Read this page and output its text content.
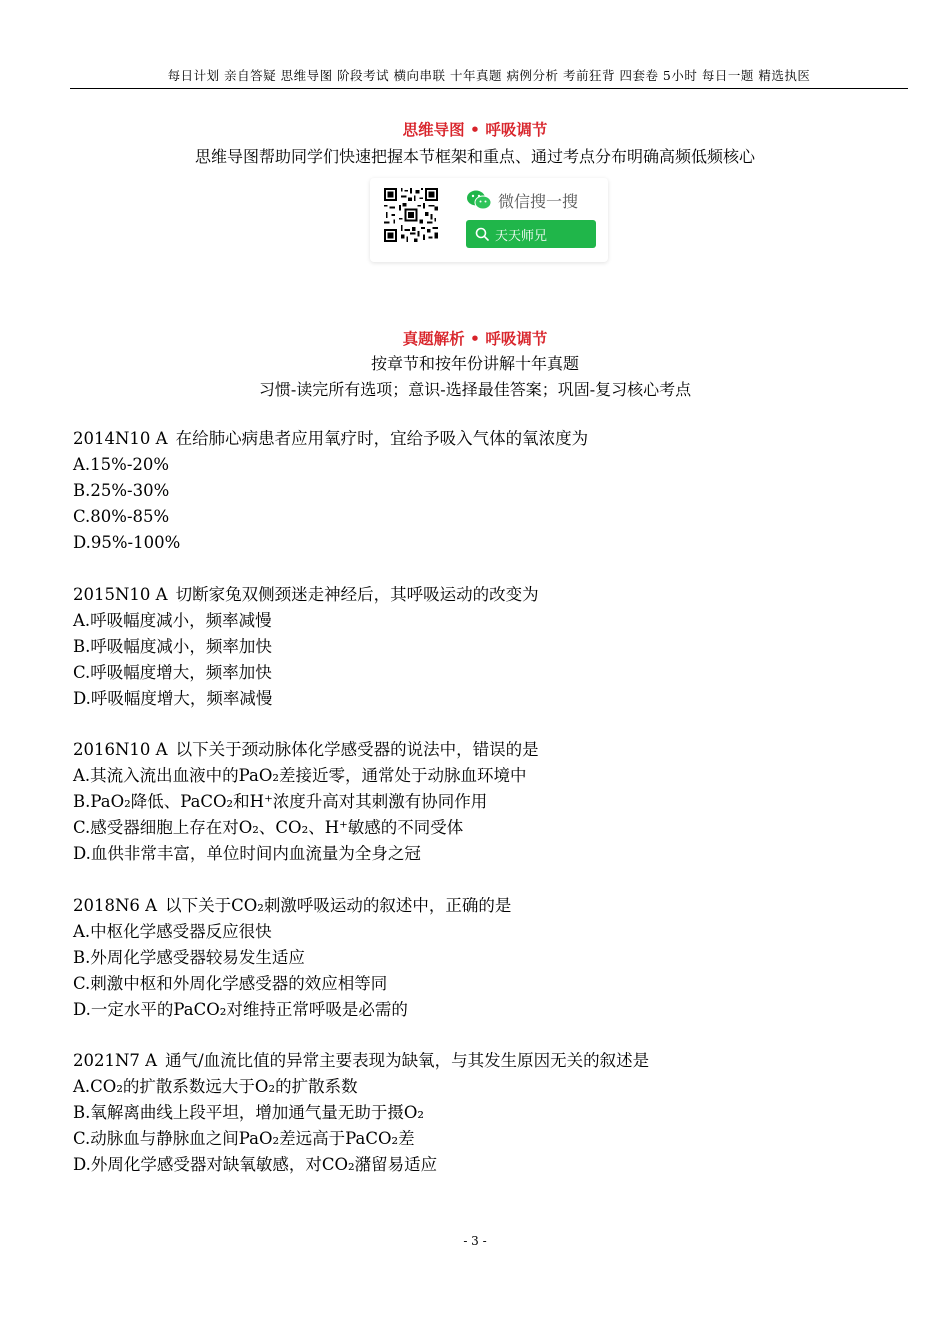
每日计划 亲自答疑 思维导图 阶段考试 横向串联 十年真题 病例分析 考前狂背 四套卷 5小时 每日一题 精选执医
思维导图 • 呼吸调节
思维导图帮助同学们快速把握本节框架和重点、通过考点分布明确高频低频核心
微信搜一搜
天天师兄
真题解析 • 呼吸调节
按章节和按年份讲解十年真题
习惯-读完所有选项；意识-选择最佳答案；巩固-复习核心考点
2014N10 A 在给肺心病患者应用氧疗时，宜给予吸入气体的氧浓度为
A.15%-20%
B.25%-30%
C.80%-85%
D.95%-100%
2015N10 A 切断家兔双侧颈迷走神经后，其呼吸运动的改变为
A.呼吸幅度减小，频率减慢
B.呼吸幅度减小，频率加快
C.呼吸幅度增大，频率加快
D.呼吸幅度增大，频率减慢
2016N10 A 以下关于颈动脉体化学感受器的说法中，错误的是
A.其流入流出血液中的PaO₂差接近零，通常处于动脉血环境中
B.PaO₂降低、PaCO₂和H⁺浓度升高对其刺激有协同作用
C.感受器细胞上存在对O₂、CO₂、H⁺敏感的不同受体
D.血供非常丰富，单位时间内血流量为全身之冠
2018N6 A 以下关于CO₂刺激呼吸运动的叙述中，正确的是
A.中枢化学感受器反应很快
B.外周化学感受器较易发生适应
C.刺激中枢和外周化学感受器的效应相等同
D.一定水平的PaCO₂对维持正常呼吸是必需的
2021N7 A 通气/血流比值的异常主要表现为缺氧，与其发生原因无关的叙述是
A.CO₂的扩散系数远大于O₂的扩散系数
B.氧解离曲线上段平坦，增加通气量无助于摄O₂
C.动脉血与静脉血之间PaO₂差远高于PaCO₂差
D.外周化学感受器对缺氧敏感，对CO₂潴留易适应
- 3 -
